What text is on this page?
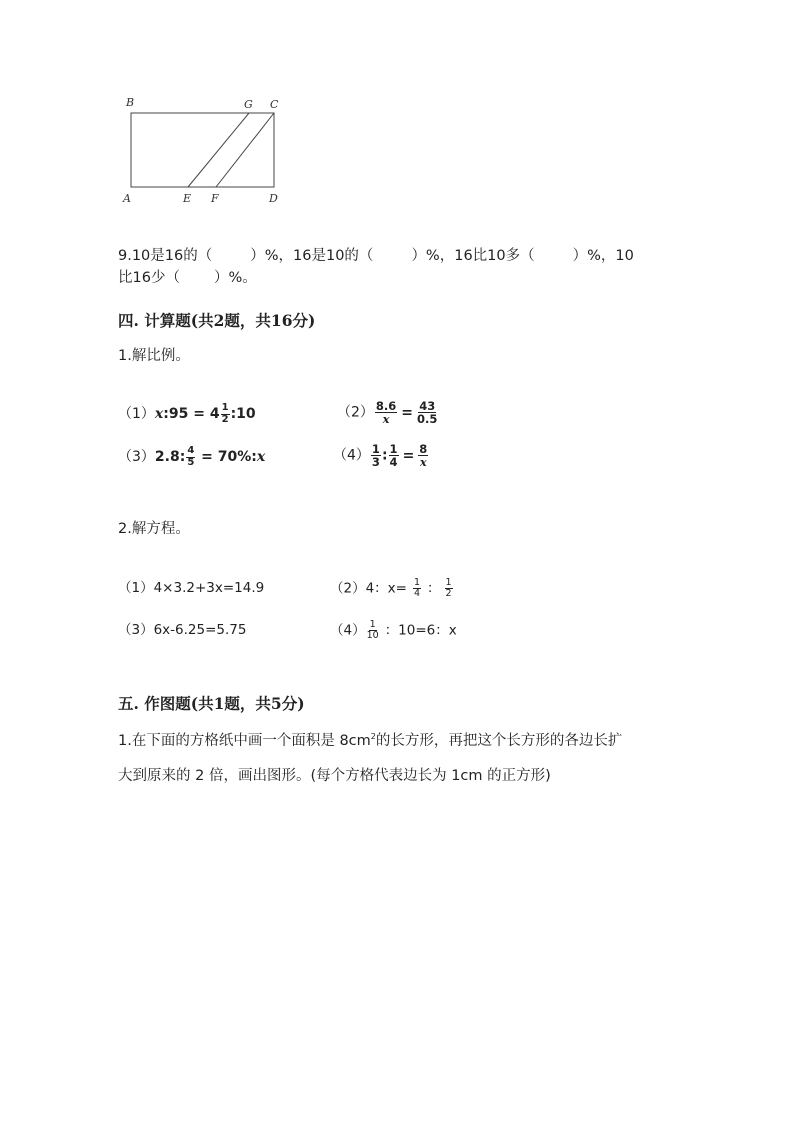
B	G C
A	E F	D
9.10是16的（	）%，16是10的（	）%，16比10多（	）%，10
比16少（ ）%。
四. 计算题(共2题，共16分)
1.解比例。
（1）x:95 = $4 \frac{1}{2}$ :10	$(2) \frac{8.6}{x} = \frac{43}{0.5}$
（3）2.8: $\frac{4}{5}$ = 70%:x	$(4) \frac{1}{3}$ : $\frac{1}{4} = \frac{8}{x}$
2.解方程。
（1）4×3.2+3x=14.9	（2）4：$x= \frac{1}{4}$ ： $\frac{1}{2}$
（3）6x-6.25=5.75	$(4) \frac{1}{10}$ ：10=6：x
五. 作图题(共1题，共5分)
1.在下面的方格纸中画一个面积是 $8cm^2$的长方形，再把这个长方形的各边长扩
大到原来的 2 倍，画出图形。(每个方格代表边长为 1cm 的正方形)
